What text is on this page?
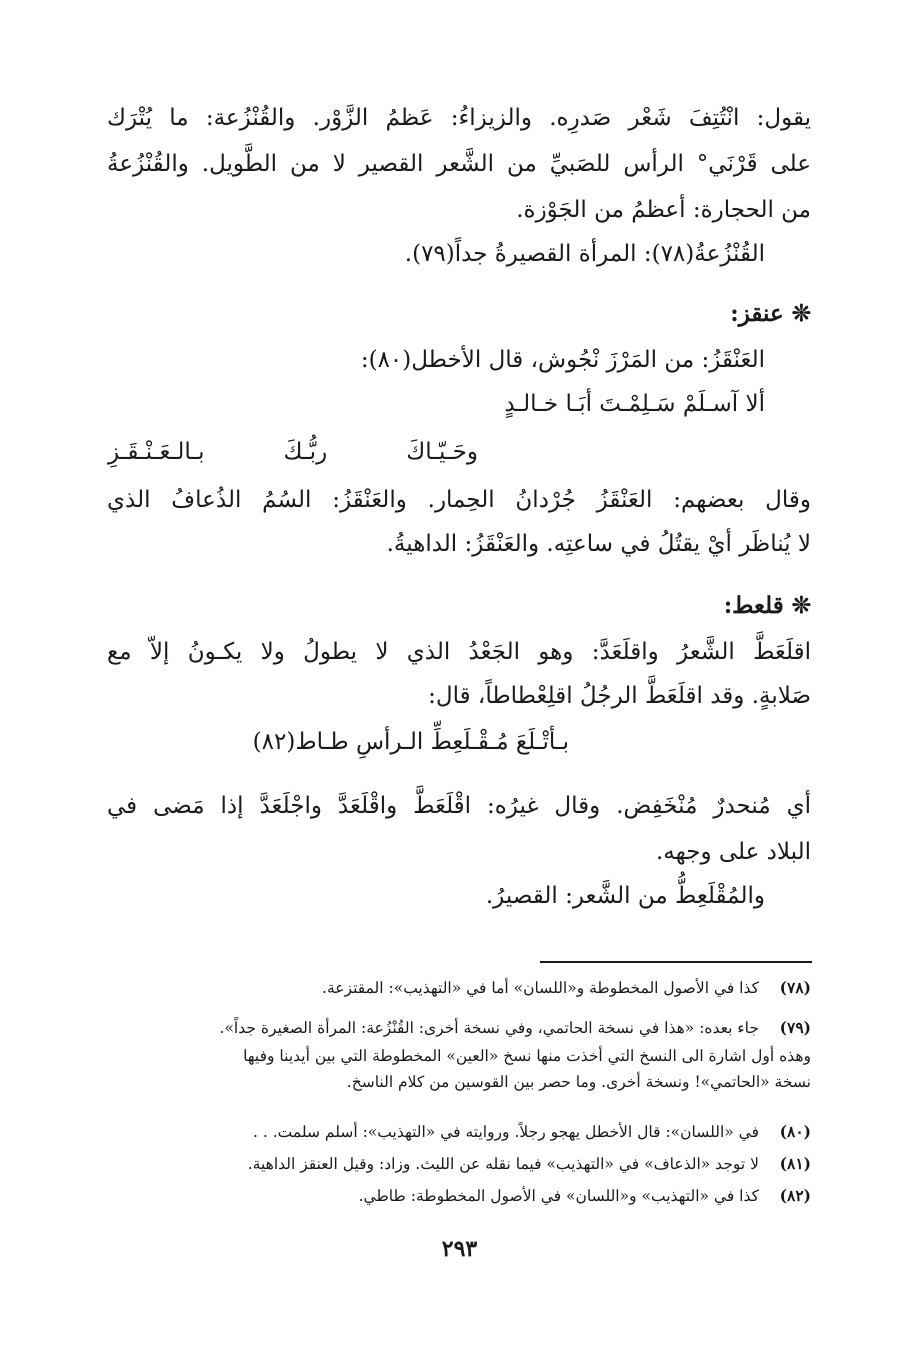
يقول: انْتُتِفَ شَعْر صَدرِه. والزيزاءُ: عَظمُ الزَّوْر. والقُنْزُعة: ما يُتْرَك
على قَرْنَي° الرأس للصَبيِّ من الشَّعر القصير لا من الطَّويل. والقُنْزُعةُ
من الحجارة: أعظمُ من الجَوْزة.
القُنْزُعةُ(٧٨): المرأة القصيرةُ جداً(٧٩).
❊ عنقز:
العَنْقَزُ: من المَرْزَ نْجُوش، قال الأخطل(٨٠):
ألا آسـلَمْ سَـلِمْـتَ أبَـا خـالـدٍ
وحَـيّـاكَ ربُّـكَ بـالـعَـنْـقَـزِ
وقال بعضهم: العَنْقَزُ جُرْدانُ الحِمار. والعَنْقَزُ: السُمُ الذُعافُ الذي
لا يُناظَر أيْ يقتُلُ في ساعتِه. والعَنْقَزُ: الداهيةُ.
❊ قلعط:
اقلَعَطَّ الشَّعرُ واقلَعَدَّ: وهو الجَعْدُ الذي لا يطولُ ولا يكـونُ إلاّ مع
صَلابةٍ. وقد اقلَعَطَّ الرجُلُ اقلِعْطاطاً، قال:
بـأتْـلَعَ مُـقْـلَعِطِّ الـرأسِ طـاط(٨٢)
أي مُنحدرٌ مُنْخَفِض. وقال غيرُه: اقْلَعَطَّ واقْلَعَدَّ واجْلَعَدَّ إذا مَضى في
البلاد على وجهه.
والمُقْلَعِطُّ من الشَّعر: القصيرُ.
(٧٨)كذا في الأصول المخطوطة و«اللسان» أما في «التهذيب»: المقتزعة.
(٧٩)جاء بعده: «هذا في نسخة الحاتمي، وفي نسخة أخرى: القُنْزُعة: المرأة الصغيرة جداً».
وهذه أول اشارة الى النسخ التي أخذت منها نسخ «العين» المخطوطة التي بين أيدينا وفيها
نسخة «الحاتمي»! ونسخة أخرى. وما حصر بين القوسين من كلام الناسخ.
(٨٠)في «اللسان»: قال الأخطل يهجو رجلاً. وروايته في «التهذيب»: أسلم سلمت. . .
(٨١)لا توجد «الذعاف» في «التهذيب» فيما نقله عن الليث. وزاد: وقيل العنقز الداهية.
(٨٢)كذا في «التهذيب» و«اللسان» في الأصول المخطوطة: طاطي.
٢٩٣
